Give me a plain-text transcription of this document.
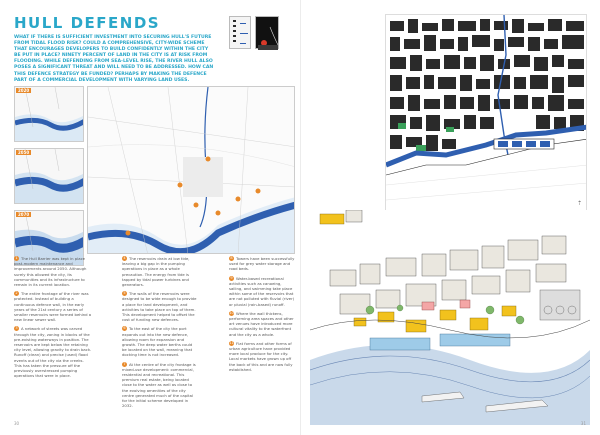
HULL DEFENDS
WHAT IF THERE IS SUFFICIENT INVESTMENT INTO SECURING HULL'S FUTURE FROM TIDAL FLOOD RISK? COULD A COMPREHENSIVE, CITY-WIDE SCHEME THAT ENCOURAGES DEVELOPERS TO BUILD CONFIDENTLY WITHIN THE CITY BE PUT IN PLACE? NINETY PERCENT OF LAND IN THE CITY IS AT RISK FROM FLOODING. WHILE DEFENDING FROM SEA-LEVEL RISE, THE RIVER HULL ALSO POSES A SIGNIFICANT THREAT AND WILL NEED TO BE ADDRESSED. HOW CAN THIS DEFENCE STRATEGY BE FUNDED? PERHAPS BY MAKING THE DEFENCE PART OF A COMMERCIAL DEVELOPMENT WITH VARYING LAND USES.
2020
2050
2070

1 The Hull Barrier was kept in place post-modern maintenance and improvements around 2050. Although surely this allowed the city, its communities and its infrastructure to remain in its current location.

2 The entire frontage of the river was protected. Instead of building a continuous defence wall, in the early years of the 21st century a series of smaller reservoirs were formed behind a new linear sewer wall.

3 A network of streets was carved through the city, zoning in blocks of the pre-existing waterways in position. The reservoirs are kept below the retaining city level, allowing gravity to drain back. Runoff (clean) and precise (used) flood events out of the city via the creeks. This has taken the pressure off the previously overstressed pumping operations that were in place.

4 The reservoirs drain at low tide, leaving a big gap in the pumping operations in place as a whole precaution. The energy from tide is tapped by tidal power turbines and generators.

5 The walls of the reservoirs were designed to be wide enough to provide a place for land development, and activities to take place on top of them. This development helped to offset the cost of funding new defences.

6 To the east of the city the port expands out into the new defence, allowing room for expansion and growth. The deep water berths could be located on the wall, meaning that docking time is not increased.

7 At the centre of the city frontage is mixed-use development: commercial, residential and recreational. This premium real estate, being located close to the water as well as close to the evolving amenities of the city centre generated much of the capital for the initial scheme developed in 2032.

8 Towers have been successfully used for grey water storage and road beds.

9 Water-based recreational activities such as canoeing, sailing, and swimming take place within some of the reservoirs that are not polluted with fluvial (river) or pluvial (rain-based) runoff.

10 Where the wall thickens, performing area spaces and other art venues have introduced more cultural vitality to the waterfront and the city as a whole.

11 Flat forms and other forms of urban agriculture have provided more local produce for the city. Local markets have grown up off the back of this and are now fully established.

30
⇡
31
